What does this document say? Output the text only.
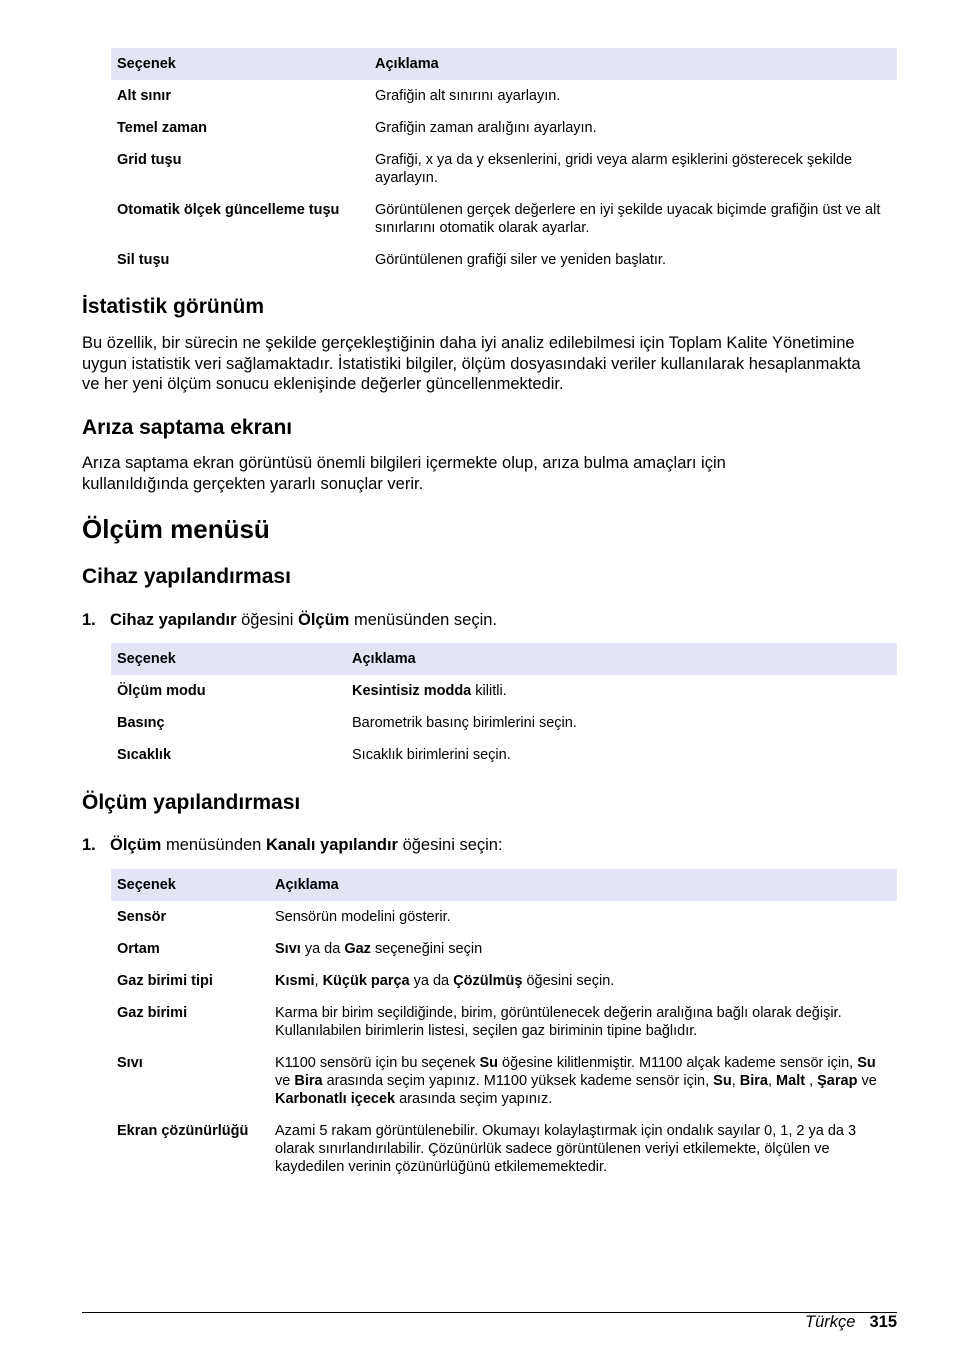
Seçenek	Açıklama
Alt sınır	Grafiğin alt sınırını ayarlayın.
Temel zaman	Grafiğin zaman aralığını ayarlayın.
Grid tuşu	Grafiği, x ya da y eksenlerini, gridi veya alarm eşiklerini gösterecek şekilde ayarlayın.
Otomatik ölçek güncelleme tuşu	Görüntülenen gerçek değerlere en iyi şekilde uyacak biçimde grafiğin üst ve alt sınırlarını otomatik olarak ayarlar.
Sil tuşu	Görüntülenen grafiği siler ve yeniden başlatır.
İstatistik görünüm

Bu özellik, bir sürecin ne şekilde gerçekleştiğinin daha iyi analiz edilebilmesi için Toplam Kalite Yönetimine uygun istatistik veri sağlamaktadır. İstatistiki bilgiler, ölçüm dosyasındaki veriler kullanılarak hesaplanmakta ve her yeni ölçüm sonucu eklenişinde değerler güncellenmektedir.

Arıza saptama ekranı

Arıza saptama ekran görüntüsü önemli bilgileri içermekte olup, arıza bulma amaçları için kullanıldığında gerçekten yararlı sonuçlar verir.

Ölçüm menüsü
Cihaz yapılandırması
1. Cihaz yapılandır öğesini Ölçüm menüsünden seçin.
Seçenek	Açıklama
Ölçüm modu	Kesintisiz modda kilitli.
Basınç	Barometrik basınç birimlerini seçin.
Sıcaklık	Sıcaklık birimlerini seçin.
Ölçüm yapılandırması
1. Ölçüm menüsünden Kanalı yapılandır öğesini seçin:
Seçenek	Açıklama
Sensör	Sensörün modelini gösterir.
Ortam	Sıvı ya da Gaz seçeneğini seçin
Gaz birimi tipi	Kısmi, Küçük parça ya da Çözülmüş öğesini seçin.
Gaz birimi	Karma bir birim seçildiğinde, birim, görüntülenecek değerin aralığına bağlı olarak değişir. Kullanılabilen birimlerin listesi, seçilen gaz biriminin tipine bağlıdır.
Sıvı	K1100 sensörü için bu seçenek Su öğesine kilitlenmiştir. M1100 alçak kademe sensör için, Su ve Bira arasında seçim yapınız. M1100 yüksek kademe sensör için, Su, Bira, Malt , Şarap ve Karbonatlı içecek arasında seçim yapınız.
Ekran çözünürlüğü	Azami 5 rakam görüntülenebilir. Okumayı kolaylaştırmak için ondalık sayılar 0, 1, 2 ya da 3 olarak sınırlandırılabilir. Çözünürlük sadece görüntülenen veriyi etkilemekte, ölçülen ve kaydedilen verinin çözünürlüğünü etkilememektedir.
Türkçe 315
